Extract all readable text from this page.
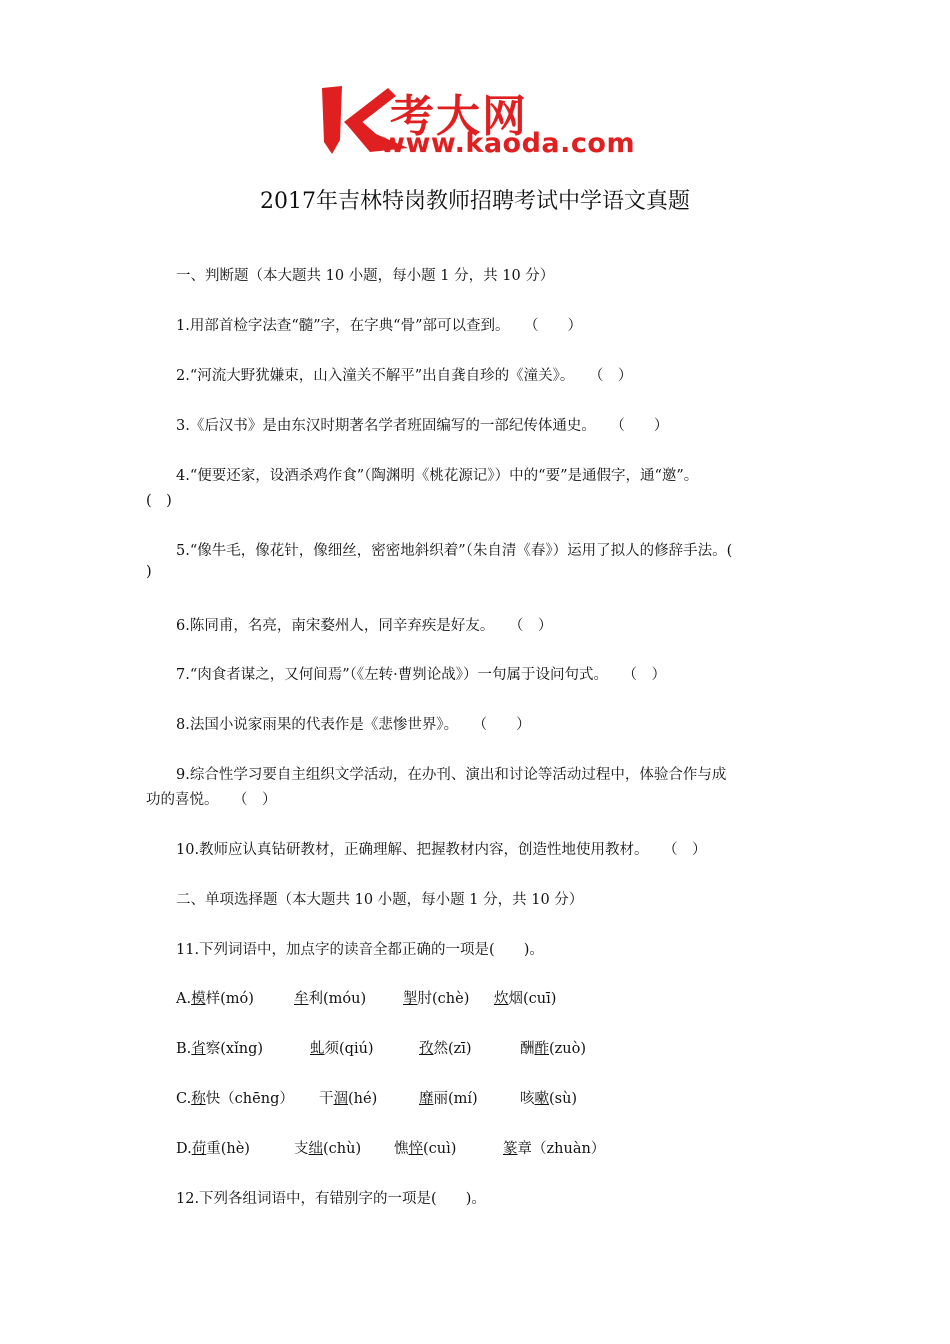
考大网
www.kaoda.com
2017年吉林特岗教师招聘考试中学语文真题
一、判断题（本大题共 10 小题，每小题 1 分，共 10 分）
1.用部首检字法查“髓”字，在字典“骨”部可以查到。　　（　　）
2.“河流大野犹嫌束，山入潼关不解平”出自龚自珍的《潼关》。　　（　）
3.《后汉书》是由东汉时期著名学者班固编写的一部纪传体通史。　　（　　）
4.“便要还家，设酒杀鸡作食”（陶渊明《桃花源记》）中的“要”是通假字，通“邀”。
(　)
5.“像牛毛，像花针，像细丝，密密地斜织着”（朱自清《春》）运用了拟人的修辞手法。(
)
6.陈同甫，名亮，南宋婺州人，同辛弃疾是好友。　　（　）
7.“肉食者谋之，又何间焉”（《左转·曹刿论战》）一句属于设问句式。　　（　）
8.法国小说家雨果的代表作是《悲惨世界》。　　（　　）
9.综合性学习要自主组织文学活动，在办刊、演出和讨论等活动过程中，体验合作与成
功的喜悦。　　（　）
10.教师应认真钻研教材，正确理解、把握教材内容，创造性地使用教材。　　（　）
二、单项选择题（本大题共 10 小题，每小题 1 分，共 10 分）
11.下列词语中，加点字的读音全都正确的一项是(　　)。
A.模样(mó)	牟利(móu)	掣肘(chè) 炊烟(cuī)
B.省察(xǐng)	虬须(qiú)	孜然(zī)	酬酢(zuò)
C.称快（chēng） 干涸(hé)	靡丽(mí)	咳嗽(sù)
D.荷重(hè)	支绌(chù) 憔悴(cuì)	篆章（zhuàn）
12.下列各组词语中，有错别字的一项是(　　)。
